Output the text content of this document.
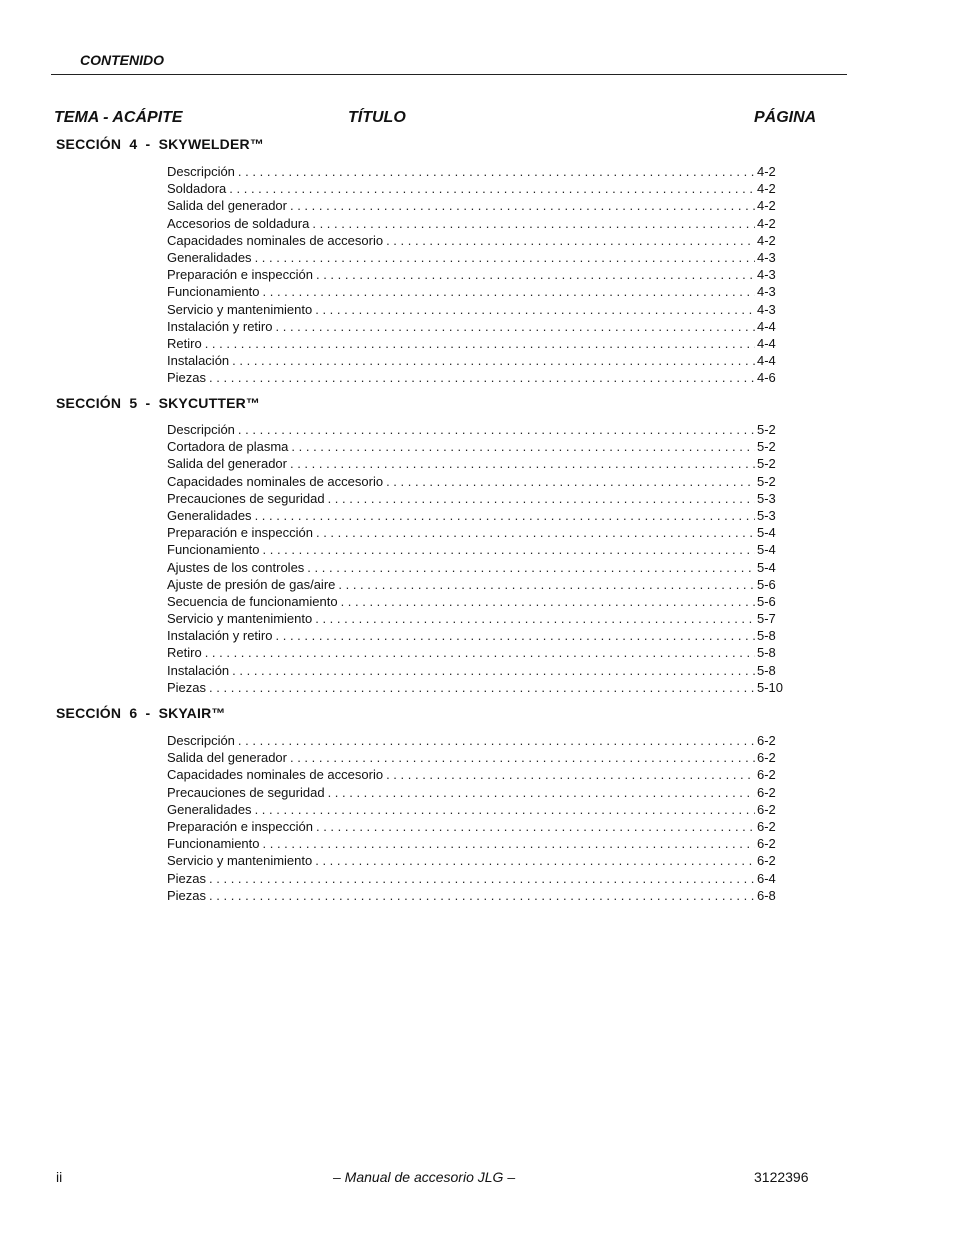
CONTENIDO
TEMA - ACÁPITE	TÍTULO	PÁGINA
SECCIÓN  4  -  SKYWELDER™
Descripción . . .	4-2
Soldadora . . .	4-2
Salida del generador . . .	4-2
Accesorios de soldadura . . .	4-2
Capacidades nominales de accesorio . . .	4-2
Generalidades . . .	4-3
Preparación e inspección . . .	4-3
Funcionamiento . . .	4-3
Servicio y mantenimiento . . .	4-3
Instalación y retiro . . .	4-4
Retiro . . .	4-4
Instalación . . .	4-4
Piezas . . .	4-6
SECCIÓN  5  -  SKYCUTTER™
Descripción . . .	5-2
Cortadora de plasma . . .	5-2
Salida del generador . . .	5-2
Capacidades nominales de accesorio . . .	5-2
Precauciones de seguridad . . .	5-3
Generalidades . . .	5-3
Preparación e inspección . . .	5-4
Funcionamiento . . .	5-4
Ajustes de los controles . . .	5-4
Ajuste de presión de gas/aire . . .	5-6
Secuencia de funcionamiento . . .	5-6
Servicio y mantenimiento . . .	5-7
Instalación y retiro . . .	5-8
Retiro . . .	5-8
Instalación . . .	5-8
Piezas . . .	5-10
SECCIÓN  6  -  SKYAIR™
Descripción . . .	6-2
Salida del generador . . .	6-2
Capacidades nominales de accesorio . . .	6-2
Precauciones de seguridad . . .	6-2
Generalidades . . .	6-2
Preparación e inspección . . .	6-2
Funcionamiento . . .	6-2
Servicio y mantenimiento . . .	6-2
Piezas . . .	6-4
Piezas . . .	6-8
ii	– Manual de accesorio JLG –	3122396
